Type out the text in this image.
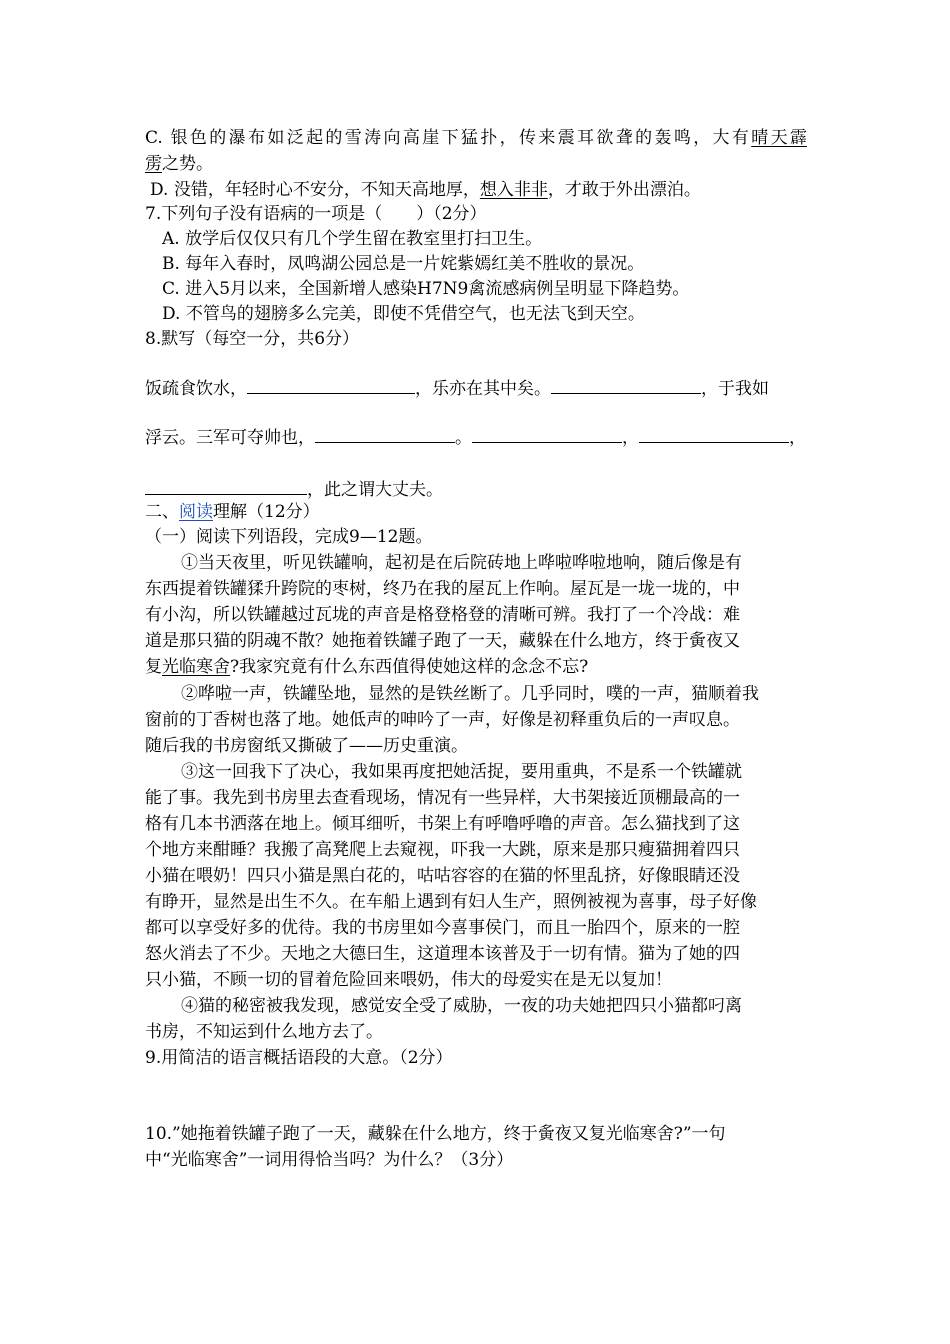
C. 银色的瀑布如泛起的雪涛向高崖下猛扑，传来震耳欲聋的轰鸣，大有晴天霹
雳之势。
D. 没错，年轻时心不安分，不知天高地厚，想入非非，才敢于外出漂泊。
7.下列句子没有语病的一项是（　　）（2分）
A. 放学后仅仅只有几个学生留在教室里打扫卫生。
B. 每年入春时，凤鸣湖公园总是一片姹紫嫣红美不胜收的景况。
C. 进入5月以来，全国新增人感染H7N9禽流感病例呈明显下降趋势。
D. 不管鸟的翅膀多么完美，即使不凭借空气，也无法飞到天空。
8.默写（每空一分，共6分）
饭疏食饮水，	，乐亦在其中矣。	，于我如
浮云。三军可夺帅也，	。	，	，
，此之谓大丈夫。
二、阅读理解（12分）
（一）阅读下列语段，完成9—12题。
①当天夜里，听见铁罐响，起初是在后院砖地上哗啦哗啦地响，随后像是有
东西提着铁罐猱升跨院的枣树，终乃在我的屋瓦上作响。屋瓦是一垅一垅的，中
有小沟，所以铁罐越过瓦垅的声音是格登格登的清晰可辨。我打了一个冷战：难
道是那只猫的阴魂不散？她拖着铁罐子跑了一天，藏躲在什么地方，终于夤夜又
复光临寒舍?我家究竟有什么东西值得使她这样的念念不忘?
②哗啦一声，铁罐坠地，显然的是铁丝断了。几乎同时，噗的一声，猫顺着我
窗前的丁香树也落了地。她低声的呻吟了一声，好像是初释重负后的一声叹息。
随后我的书房窗纸又撕破了——历史重演。
③这一回我下了决心，我如果再度把她活捉，要用重典，不是系一个铁罐就
能了事。我先到书房里去查看现场，情况有一些异样，大书架接近顶棚最高的一
格有几本书洒落在地上。倾耳细听，书架上有呼噜呼噜的声音。怎么猫找到了这
个地方来酣睡？我搬了高凳爬上去窥视，吓我一大跳，原来是那只瘦猫拥着四只
小猫在喂奶！四只小猫是黑白花的，咕咕容容的在猫的怀里乱挤，好像眼睛还没
有睁开，显然是出生不久。在车船上遇到有妇人生产，照例被视为喜事，母子好像
都可以享受好多的优待。我的书房里如今喜事侯门，而且一胎四个，原来的一腔
怒火消去了不少。天地之大德曰生，这道理本该普及于一切有情。猫为了她的四
只小猫，不顾一切的冒着危险回来喂奶，伟大的母爱实在是无以复加！
④猫的秘密被我发现，感觉安全受了威胁，一夜的功夫她把四只小猫都叼离
书房，不知运到什么地方去了。
9.用简洁的语言概括语段的大意。（2分）
10.”她拖着铁罐子跑了一天，藏躲在什么地方，终于夤夜又复光临寒舍?”一句
中“光临寒舍”一词用得恰当吗？为什么？（3分）
